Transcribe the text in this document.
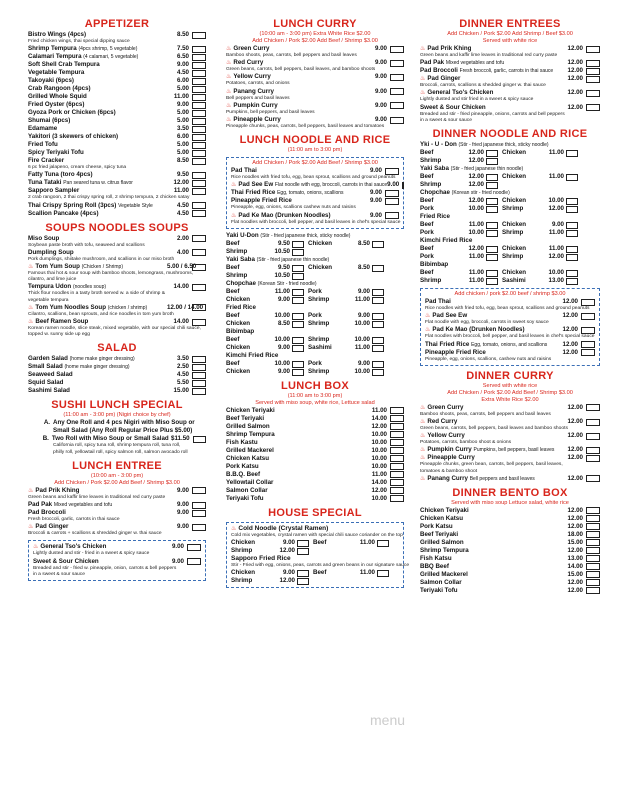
APPETIZER
Bistro Wings (4pcs)	8.50
Fried chicken wings, thai special dipping sauce
Shrimp Tempura (4pcs shrimp, 5 vegetable)	7.50
Calamari Tempura (4 calamari, 5 vegetable)	6.50
Soft Shell Crab Tempura	9.00
Vegetable Tempura	4.50
Takoyaki (6pcs)	6.00
Crab Rangoon (4pcs)	5.00
Grilled Whole Squid	11.00
Fried Oyster (6pcs)	9.00
Gyoza Pork or Chicken (6pcs)	5.00
Shumai (6pcs)	5.00
Edamame	3.50
Yakitori (3 skewers of chicken)	6.00
Fried Tofu	5.00
Spicy Teriyaki Tofu	5.00
Fire Cracker	8.50
6 pc fried jalapeno, cream cheese, spicy tuna
Fatty Tuna (toro 4pcs)	9.50
Tuna Tataki Pan seared tuna w. citrus flavor	12.00
Sapporo Sampler	11.00
2 crab rangoon, 2 thai crispy spring roll, 2 shrimp tempura, 2 chicken satay
Thai Crispy Spring Roll (3pcs) Vegetable Style	4.50
Scallion Pancake (4pcs)	4.50
SOUPS NOODLES SOUPS
Miso Soup	2.00
Soybean paste broth with tofu, seaweed and scallions
Dumpling Soup	4.00
Pork dumplings, shiitake mushroom, and scallions in our miso broth
♨ Tom Yum Soup (Chicken / Shrimp)	5.00 / 6.50
Famous thai hot & sour soup with bamboo shoots, lemongrass, mushrooms,
cilantro, and lime juice
Tempura Udon (noodles soup)	14.00
Thick flour noodles in a tasty broth served w. a side of shrimp &
vegetable tempura
♨ Tom Yum Noodles Soup (chicken / shrimp)	12.00 / 14.00
Cilantro, scallions, bean sprouts, and rice noodles in tom yum broth
♨ Beef Ramen Soup	14.00
Korean ramen noodle, slice steak, mixed vegetable, with our special chili sauce,
topped w. sunny side up egg
SALAD
Garden Salad (home make ginger dressing)	3.50
Small Salad (home make ginger dressing)	2.50
Seaweed Salad	4.50
Squid Salad	5.50
Sashimi Salad	15.00
SUSHI LUNCH SPECIAL
(11:00 am - 3:00 pm) (Nigiri choice by chef)
A. Any One Roll and 4 pcs Nigiri with Miso Soup or
Small Salad (Any Roll Regular Price Plus $5.00)
B. Two Roll with Miso Soup or Small Salad $11.50
California roll, spicy tuna roll, shrimp tempura roll, tuna roll,
philly roll, yellowtail roll, spicy salmon roll, salmon avocado roll
LUNCH ENTREE
(10:00 am - 3:00 pm)
Add Chicken / Pork $2.00 Add Beef / Shrimp $3.00
♨ Pad Prik Khing	9.00
Green beans and kaffir lime leaves in traditional red curry paste
Pad Pak Mixed vegetables and tofu	9.00
Pad Broccoli	9.00
Fresh broccoli, garlic, carrots in thai sauce
♨ Pad Ginger	9.00
Broccoli & carrots + scallions & shredded ginger w. thai sauce
♨ General Tso's Chicken	9.00
Lightly dusted and stir - fried in a sweet & spicy sauce
Sweet & Sour Chicken	9.00
Breaded and stir - fried w. pineapple, onion, carrots & bell peppers
in a sweet & sour sauce
LUNCH CURRY
(10:00 am - 3:00 pm) Extra White Rice $2.00
Add Chicken / Pork $2.00 Add Beef / Shrimp $3.00
♨ Green Curry	9.00
Bamboo shoots, peas, carrots, bell peppers and basil leaves
♨ Red Curry	9.00
Green beans, carrots, bell peppers, basil leaves, and bamboo shoots
♨ Yellow Curry	9.00
Potatoes, carrots, and onions
♨ Panang Curry	9.00
Bell peppers and basil leaves
♨ Pumpkin Curry	9.00
Pumpkins, bell peppers, and basil leaves
♨ Pineapple Curry	9.00
Pineapple chunks, peas, carrots, bell peppers, basil leaves and tomatoes
LUNCH NOODLE AND RICE
(11:00 am to 3:00 pm)
Add Chicken / Pork $2.00 Add Beef / Shrimp $3.00
Pad Thai	9.00
Rice noodles with fried tofu, egg, bean sprout, scallions and ground peanuts
♨ Pad See Ew Flat noodle with egg, broccoli, carrots in thai sauce 9.00
Thai Fried Rice Egg, tomato, onions, scallions	9.00
Pineapple Fried Rice	9.00
Pineapple, egg, onions, scallions cashew nuts and raisins
♨ Pad Ke Mao (Drunken Noodles)	9.00
Flat noodles with broccoli, bell pepper, and basil leaves in chef's special sauce
Yaki U-Don (Stir - fried japanese thick, sticky noodle)
Beef	9.50	Chicken	8.50
Shrimp	10.50
Yaki Saba (Stir - fried japanese thin noodle)
Beef	9.50	Chicken	8.50
Shrimp	10.50
Chopchae (Korean Stir - fried noodle)
Beef	11.00	Pork	9.00
Chicken	9.00	Shrimp	11.00
Fried Rice
Beef	10.00	Pork	9.00
Chicken	8.50	Shrimp	10.00
Bibimbap
Beef	10.00	Shrimp	10.00
Chicken	9.00	Sashimi	11.00
Kimchi Fried Rice
Beef	10.00	Pork	9.00
Chicken	9.00	Shrimp	10.00
LUNCH BOX
(11:00 am to 3:00 pm)
Served with miso soup, white rice, Lettuce salad
Chicken Teriyaki	11.00
Beef Teriyaki	14.00
Grilled Salmon	12.00
Shrimp Tempura	10.00
Fish Kastu	10.00
Grilled Mackerel	10.00
Chicken Katsu	10.00
Pork Katsu	10.00
B.B.Q. Beef	11.00
Yellowtail Collar	14.00
Salmon Collar	12.00
Teriyaki Tofu	10.00
HOUSE SPECIAL
♨ Cold Noodle (Crystal Ramen)
Cold mix vegetables, crystal ramen with special chili sauce coriander on the top
Chicken	9.00	Beef	11.00
Shrimp	12.00
Sapporo Fried Rice
Stir - Fried with egg, onions, peas, carrots and green beans in our signature sauce
Chicken	9.00	Beef	11.00
Shrimp	12.00
DINNER ENTREES
Add Chicken / Pork $2.00 Add Shrimp / Beef $3.00
Served with white rice
♨ Pad Prik Khing	12.00
Green beans and kaffir lime leaves in traditional red curry paste
Pad Pak Mixed vegetables and tofu	12.00
Pad Broccoli Fresh broccoli, garlic, carrots in thai sauce	12.00
♨ Pad Ginger	12.00
Broccoli, carrots, scallions & shedded ginger w. thai sauce
♨ General Tso's Chicken	12.00
Lightly dusted and stir fried in a sweet & spicy sauce
Sweet & Sour Chicken	12.00
Breaded and stir - fried pineapple, onions, carrots and bell peppers
in a sweet & sour sauce
DINNER NOODLE AND RICE
Yki - U - Don (Stir - fried japanese thick, sticky noodle)
Beef	12.00	Chicken	11.00
Shrimp	12.00
Yaki Saba (Stir - fried japanese thin noodle)
Beef	12.00	Chicken	11.00
Shrimp	12.00
Chopchae (Korean stir - fried noodle)
Beef	12.00	Chicken	10.00
Pork	10.00	Shrimp	12.00
Fried Rice
Beef	11.00	Chicken	9.00
Pork	10.00	Shrimp	11.00
Kimchi Fried Rice
Beef	12.00	Chicken	11.00
Pork	11.00	Shrimp	12.00
Bibimbap
Beef	11.00	Chicken	10.00
Shrimp	11.00	Sashimi	13.00
Add chicken / pork $2.00 beef / shrimp $3.00
Pad Thai	12.00
Rice noodles with fried tofu, egg, bean sprout, scallions and ground peanuts
♨ Pad See Ew	12.00
Flat noodle with egg, broccoli, carrots in sweet soy sauce
♨ Pad Ke Mao (Drunken Noodles)	12.00
Flat noodles with broccoli, bell pepper, and basil leaves in chef's special sauce
Thai Fried Rice Egg, tomato, onions, and scallions	12.00
Pineapple Fried Rice	12.00
Pineapple, egg, onions, scallions, cashew nuts and raisins
DINNER CURRY
Served with white rice
Add Chicken / Pork $2.00 Add Beef / Shrimp $3.00
Extra White Rice $2.00
♨ Green Curry	12.00
Bamboo shoots, peas, carrots, bell peppers and basil leaves
♨ Red Curry	12.00
Green beans, carrots, bell peppers, basil leaves and bamboo shoots
♨ Yellow Curry	12.00
Potatoes, carrots, bamboo shoot & onions
♨ Pumpkin Curry Pumpkins, bell peppers, basil leaves	12.00
♨ Pineapple Curry	12.00
Pineapple chunks, green bean, carrots, bell peppers, basil leaves,
tomatoes & bamboo shoot
♨ Panang Curry Bell peppers and basil leaves	12.00
DINNER BENTO BOX
Served with miso soup Lettuce salad, white rice
Chicken Teriyaki	12.00
Chicken Katsu	12.00
Pork Katsu	12.00
Beef Teriyaki	18.00
Grilled Salmon	15.00
Shrimp Tempura	12.00
Fish Katsu	13.00
BBQ Beef	14.00
Grilled Mackerel	15.00
Salmon Collar	12.00
Teriyaki Tofu	12.00
menu
